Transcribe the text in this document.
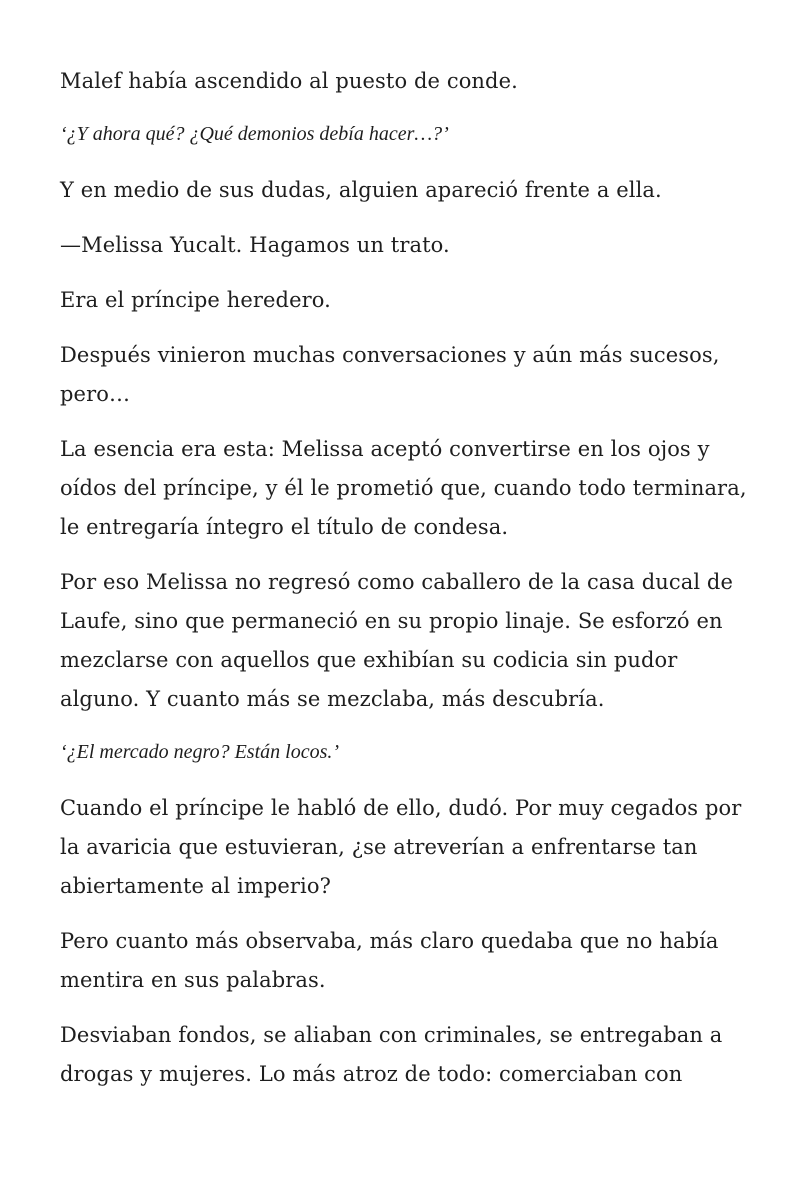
Malef había ascendido al puesto de conde.

‘¿Y ahora qué? ¿Qué demonios debía hacer…?’

Y en medio de sus dudas, alguien apareció frente a ella.

—Melissa Yucalt. Hagamos un trato.

Era el príncipe heredero.

Después vinieron muchas conversaciones y aún más sucesos, pero…

La esencia era esta: Melissa aceptó convertirse en los ojos y oídos del príncipe, y él le prometió que, cuando todo terminara, le entregaría íntegro el título de condesa.

Por eso Melissa no regresó como caballero de la casa ducal de Laufe, sino que permaneció en su propio linaje. Se esforzó en mezclarse con aquellos que exhibían su codicia sin pudor alguno. Y cuanto más se mezclaba, más descubría.

‘¿El mercado negro? Están locos.’

Cuando el príncipe le habló de ello, dudó. Por muy cegados por la avaricia que estuvieran, ¿se atreverían a enfrentarse tan abiertamente al imperio?

Pero cuanto más observaba, más claro quedaba que no había mentira en sus palabras.

Desviaban fondos, se aliaban con criminales, se entregaban a drogas y mujeres. Lo más atroz de todo: comerciaban con
